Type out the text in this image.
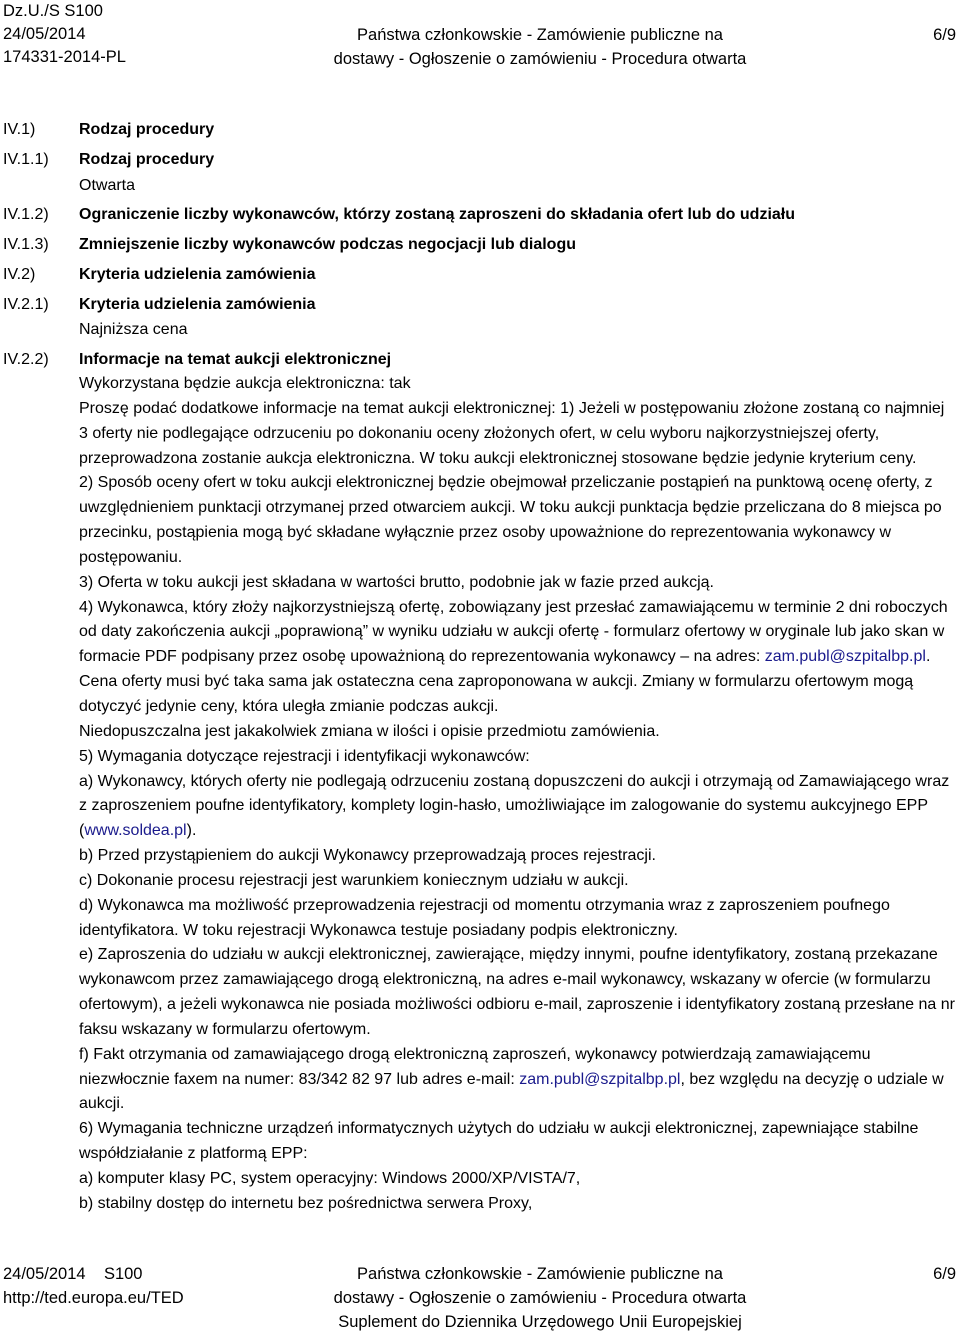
Dz.U./S S100
24/05/2014
174331-2014-PL
Państwa członkowskie - Zamówienie publiczne na
dostawy - Ogłoszenie o zamówieniu - Procedura otwarta
6/9
IV.1)	Rodzaj procedury
IV.1.1) Rodzaj procedury
Otwarta
IV.1.2) Ograniczenie liczby wykonawców, którzy zostaną zaproszeni do składania ofert lub do udziału
IV.1.3) Zmniejszenie liczby wykonawców podczas negocjacji lub dialogu
IV.2)	Kryteria udzielenia zamówienia
IV.2.1) Kryteria udzielenia zamówienia
Najniższa cena
IV.2.2) Informacje na temat aukcji elektronicznej

Wykorzystana będzie aukcja elektroniczna: tak

Proszę podać dodatkowe informacje na temat aukcji elektronicznej: 1) Jeżeli w postępowaniu złożone zostaną co najmniej 3 oferty nie podlegające odrzuceniu po dokonaniu oceny złożonych ofert, w celu wyboru najkorzystniejszej oferty, przeprowadzona zostanie aukcja elektroniczna. W toku aukcji elektronicznej stosowane będzie jedynie kryterium ceny.

2) Sposób oceny ofert w toku aukcji elektronicznej będzie obejmował przeliczanie postąpień na punktową ocenę oferty, z uwzględnieniem punktacji otrzymanej przed otwarciem aukcji. W toku aukcji punktacja będzie przeliczana do 8 miejsca po przecinku, postąpienia mogą być składane wyłącznie przez osoby upoważnione do reprezentowania wykonawcy w postępowaniu.

3) Oferta w toku aukcji jest składana w wartości brutto, podobnie jak w fazie przed aukcją.

4) Wykonawca, który złoży najkorzystniejszą ofertę, zobowiązany jest przesłać zamawiającemu w terminie 2 dni roboczych od daty zakończenia aukcji „poprawioną” w wyniku udziału w aukcji ofertę - formularz ofertowy w oryginale lub jako skan w formacie PDF podpisany przez osobę upoważnioną do reprezentowania wykonawcy – na adres: zam.publ@szpitalbp.pl. Cena oferty musi być taka sama jak ostateczna cena zaproponowana w aukcji. Zmiany w formularzu ofertowym mogą dotyczyć jedynie ceny, która uległa zmianie podczas aukcji.

Niedopuszczalna jest jakakolwiek zmiana w ilości i opisie przedmiotu zamówienia.

5) Wymagania dotyczące rejestracji i identyfikacji wykonawców:

a) Wykonawcy, których oferty nie podlegają odrzuceniu zostaną dopuszczeni do aukcji i otrzymają od Zamawiającego wraz z zaproszeniem poufne identyfikatory, komplety login-hasło, umożliwiające im zalogowanie do systemu aukcyjnego EPP (www.soldea.pl).

b) Przed przystąpieniem do aukcji Wykonawcy przeprowadzają proces rejestracji.

c) Dokonanie procesu rejestracji jest warunkiem koniecznym udziału w aukcji.

d) Wykonawca ma możliwość przeprowadzenia rejestracji od momentu otrzymania wraz z zaproszeniem poufnego identyfikatora. W toku rejestracji Wykonawca testuje posiadany podpis elektroniczny.

e) Zaproszenia do udziału w aukcji elektronicznej, zawierające, między innymi, poufne identyfikatory, zostaną przekazane wykonawcom przez zamawiającego drogą elektroniczną, na adres e-mail wykonawcy, wskazany w ofercie (w formularzu ofertowym), a jeżeli wykonawca nie posiada możliwości odbioru e-mail, zaproszenie i identyfikatory zostaną przesłane na nr faksu wskazany w formularzu ofertowym.

f) Fakt otrzymania od zamawiającego drogą elektroniczną zaproszeń, wykonawcy potwierdzają zamawiającemu niezwłocznie faxem na numer: 83/342 82 97 lub adres e-mail: zam.publ@szpitalbp.pl, bez względu na decyzję o udziale w aukcji.

6) Wymagania techniczne urządzeń informatycznych użytych do udziału w aukcji elektronicznej, zapewniające stabilne współdziałanie z platformą EPP:

a) komputer klasy PC, system operacyjny: Windows 2000/XP/VISTA/7,

b) stabilny dostęp do internetu bez pośrednictwa serwera Proxy,

24/05/2014 S100
http://ted.europa.eu/TED
Państwa członkowskie - Zamówienie publiczne na
dostawy - Ogłoszenie o zamówieniu - Procedura otwarta
Suplement do Dziennika Urzędowego Unii Europejskiej
6/9
